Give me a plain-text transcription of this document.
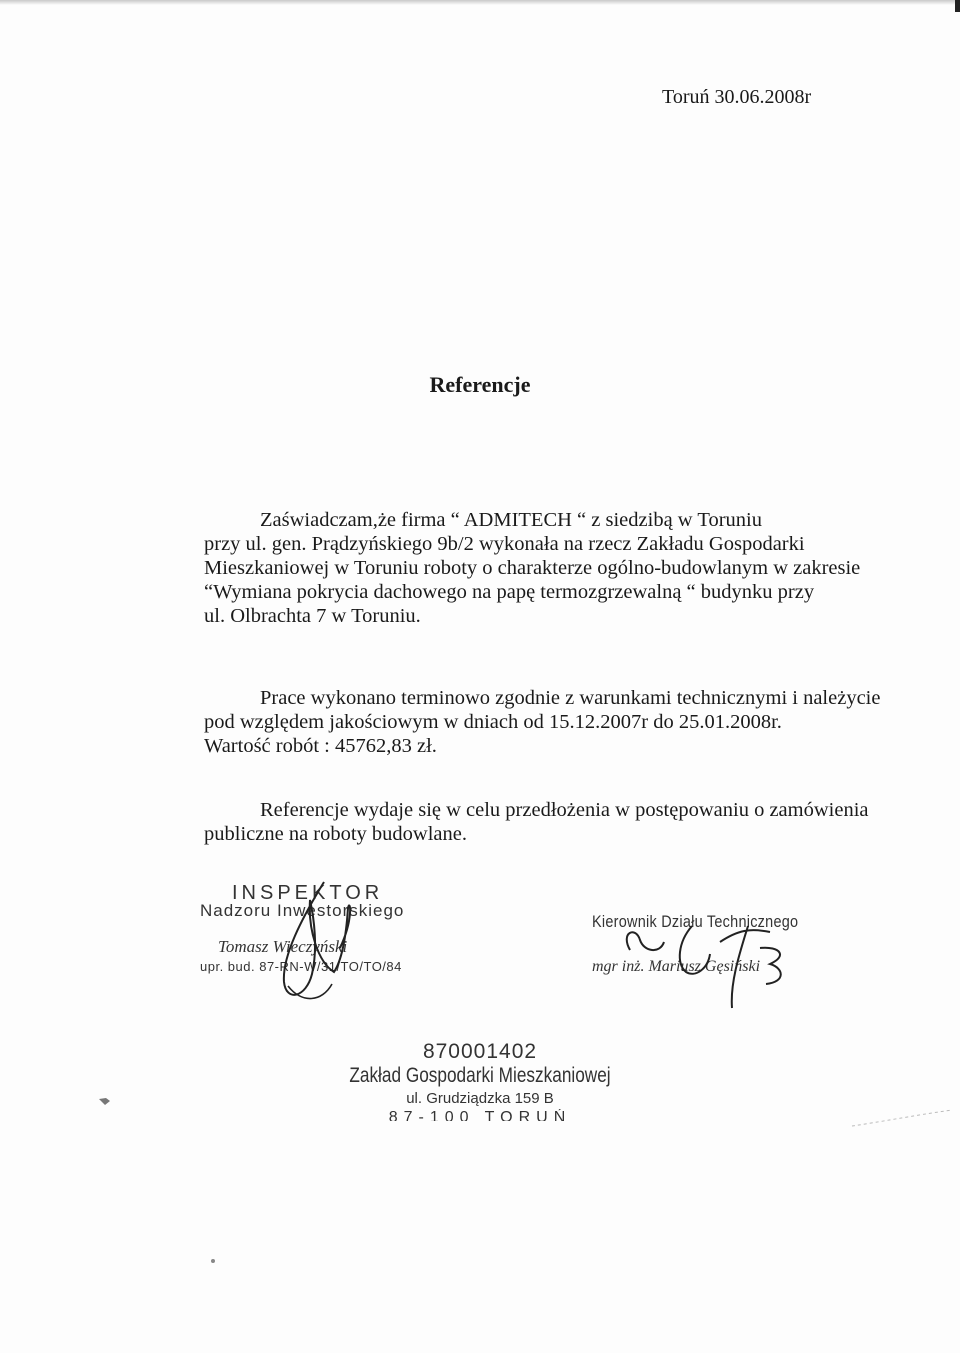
Toruń 30.06.2008r
Referencje
Zaświadczam,że firma “ ADMITECH “ z siedzibą w Toruniu
przy ul. gen. Prądzyńskiego 9b/2 wykonała na rzecz Zakładu Gospodarki
Mieszkaniowej w Toruniu roboty o charakterze ogólno-budowlanym w zakresie
“Wymiana pokrycia dachowego na papę termozgrzewalną “ budynku przy
ul. Olbrachta 7 w Toruniu.
Prace wykonano terminowo zgodnie z warunkami technicznymi i należycie
pod względem jakościowym w dniach od 15.12.2007r do 25.01.2008r.
Wartość robót : 45762,83 zł.
Referencje wydaje się w celu przedłożenia w postępowaniu o zamówienia
publiczne na roboty budowlane.
INSPEKTOR
Nadzoru Inwestorskiego
Tomasz Wieczyński
upr. bud. 87-RN-W/31/TO/TO/84
Kierownik Działu Technicznego
mgr inż. Mariusz Gęsiński
870001402
Zakład Gospodarki Mieszkaniowej
ul. Grudziądzka 159 B
87-100 TORUŃ
